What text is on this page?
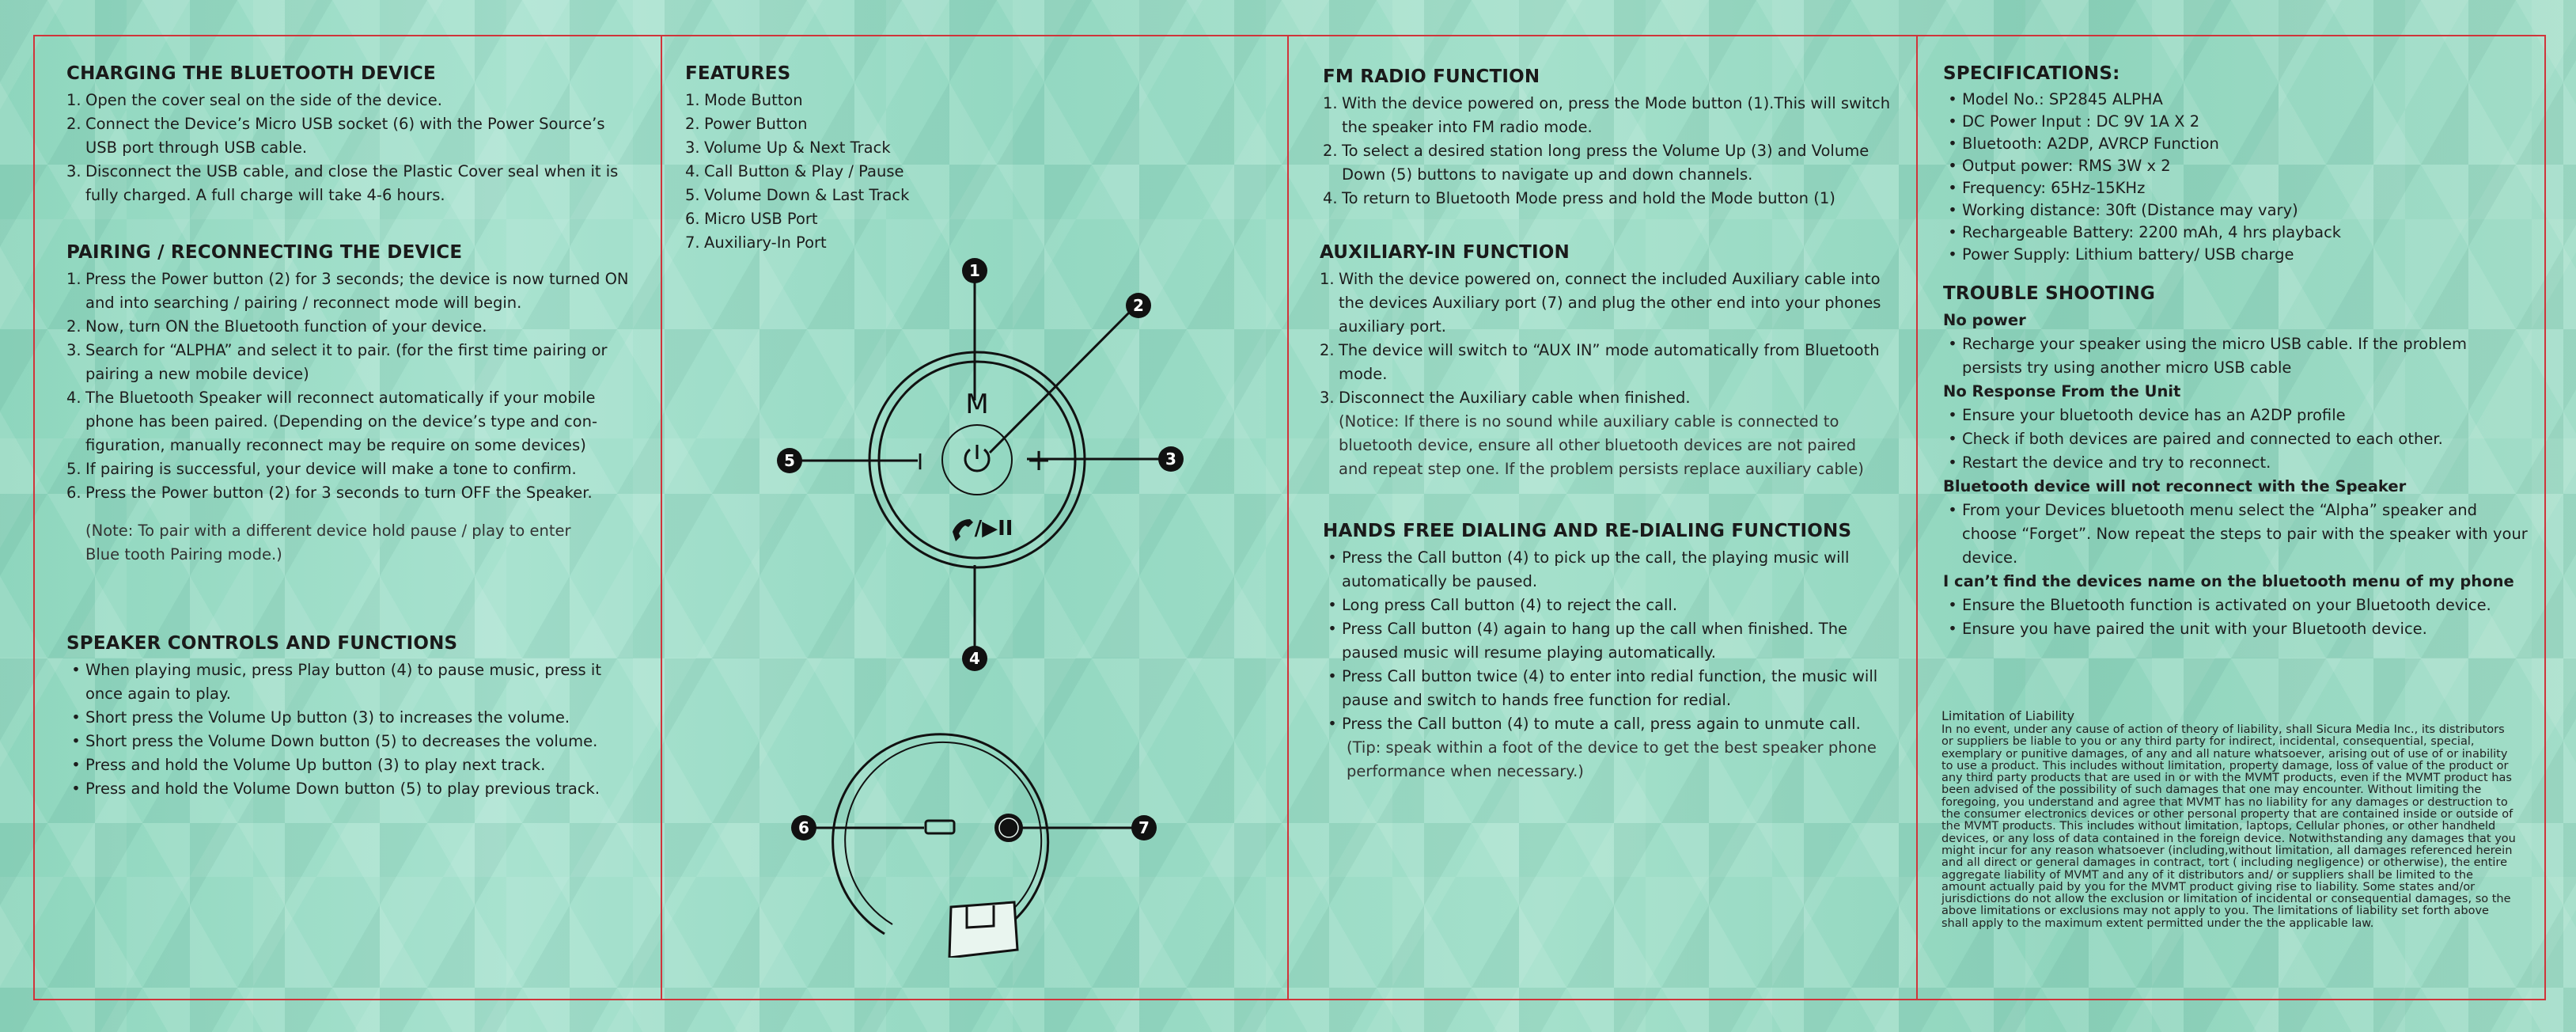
CHARGING THE BLUETOOTH DEVICE
1. Open the cover seal on the side of the device.
2. Connect the Device’s Micro USB socket (6) with the Power Source’s USB port through USB cable.
3. Disconnect the USB cable, and close the Plastic Cover seal when it is fully charged. A full charge will take 4-6 hours.
PAIRING / RECONNECTING THE DEVICE
1. Press the Power button (2) for 3 seconds; the device is now turned ON and into searching / pairing / reconnect mode will begin.
2. Now, turn ON the Bluetooth function of your device.
3. Search for “ALPHA” and select it to pair. (for the first time pairing or pairing a new mobile device)
4. The Bluetooth Speaker will reconnect automatically if your mobile phone has been paired. (Depending on the device’s type and con-figuration, manually reconnect may be require on some devices)
5. If pairing is successful, your device will make a tone to confirm.
6. Press the Power button (2) for 3 seconds to turn OFF the Speaker.
(Note: To pair with a different device hold pause / play to enter Blue tooth Pairing mode.)
SPEAKER CONTROLS AND FUNCTIONS
• When playing music, press Play button (4) to pause music, press it once again to play.
• Short press the Volume Up button (3) to increases the volume.
• Short press the Volume Down button (5) to decreases the volume.
• Press and hold the Volume Up button (3) to play next track.
• Press and hold the Volume Down button (5) to play previous track.
FEATURES
1. Mode Button
2. Power Button
3. Volume Up & Next Track
4. Call Button & Play / Pause
5. Volume Down & Last Track
6. Micro USB Port
7. Auxiliary-In Port
M
I	+
/▶II
1
2
3
4
5
6	7
FM RADIO FUNCTION
1. With the device powered on, press the Mode button (1).This will switch the speaker into FM radio mode.
2. To select a desired station long press the Volume Up (3) and Volume Down (5) buttons to navigate up and down channels.
4. To return to Bluetooth Mode press and hold the Mode button (1)
AUXILIARY-IN FUNCTION
1. With the device powered on, connect the included Auxiliary cable into the devices Auxiliary port (7) and plug the other end into your phones auxiliary port.
2. The device will switch to “AUX IN” mode automatically from Bluetooth mode.
3. Disconnect the Auxiliary cable when finished.
(Notice: If there is no sound while auxiliary cable is connected to bluetooth device, ensure all other bluetooth devices are not paired and repeat step one. If the problem persists replace auxiliary cable)
HANDS FREE DIALING AND RE-DIALING FUNCTIONS
• Press the Call button (4) to pick up the call, the playing music will automatically be paused.
• Long press Call button (4) to reject the call.
• Press Call button (4) again to hang up the call when finished. The paused music will resume playing automatically.
• Press Call button twice (4) to enter into redial function, the music will pause and switch to hands free function for redial.
• Press the Call button (4) to mute a call, press again to unmute call.
(Tip: speak within a foot of the device to get the best speaker phone performance when necessary.)
SPECIFICATIONS:
• Model No.: SP2845 ALPHA
• DC Power Input : DC 9V 1A X 2
• Bluetooth: A2DP, AVRCP Function
• Output power: RMS 3W x 2
• Frequency: 65Hz-15KHz
• Working distance: 30ft (Distance may vary)
• Rechargeable Battery: 2200 mAh, 4 hrs playback
• Power Supply: Lithium battery/ USB charge
TROUBLE SHOOTING
No power
• Recharge your speaker using the micro USB cable. If the problem persists try using another micro USB cable
No Response From the Unit
• Ensure your bluetooth device has an A2DP profile
• Check if both devices are paired and connected to each other.
• Restart the device and try to reconnect.
Bluetooth device will not reconnect with the Speaker
• From your Devices bluetooth menu select the “Alpha” speaker and choose “Forget”. Now repeat the steps to pair with the speaker with your device.
I can’t find the devices name on the bluetooth menu of my phone
• Ensure the Bluetooth function is activated on your Bluetooth device.
• Ensure you have paired the unit with your Bluetooth device.
Limitation of Liability
In no event, under any cause of action of theory of liability, shall Sicura Media Inc., its distributors or suppliers be liable to you or any third party for indirect, incidental, consequential, special, exemplary or punitive damages, of any and all nature whatsoever, arising out of use of or inability to use a product. This includes without limitation, property damage, loss of value of the product or any third party products that are used in or with the MVMT products, even if the MVMT product has been advised of the possibility of such damages that one may encounter. Without limiting the foregoing, you understand and agree that MVMT has no liability for any damages or destruction to the consumer electronics devices or other personal property that are contained inside or outside of the MVMT products. This includes without limitation, laptops, Cellular phones, or other handheld devices, or any loss of data contained in the foreign device. Notwithstanding any damages that you might incur for any reason whatsoever (including,without limitation, all damages referenced herein and all direct or general damages in contract, tort ( including negligence) or otherwise), the entire aggregate liability of MVMT and any of it distributors and/ or suppliers shall be limited to the amount actually paid by you for the MVMT product giving rise to liability. Some states and/or jurisdictions do not allow the exclusion or limitation of incidental or consequential damages, so the above limitations or exclusions may not apply to you. The limitations of liability set forth above shall apply to the maximum extent permitted under the the applicable law.
